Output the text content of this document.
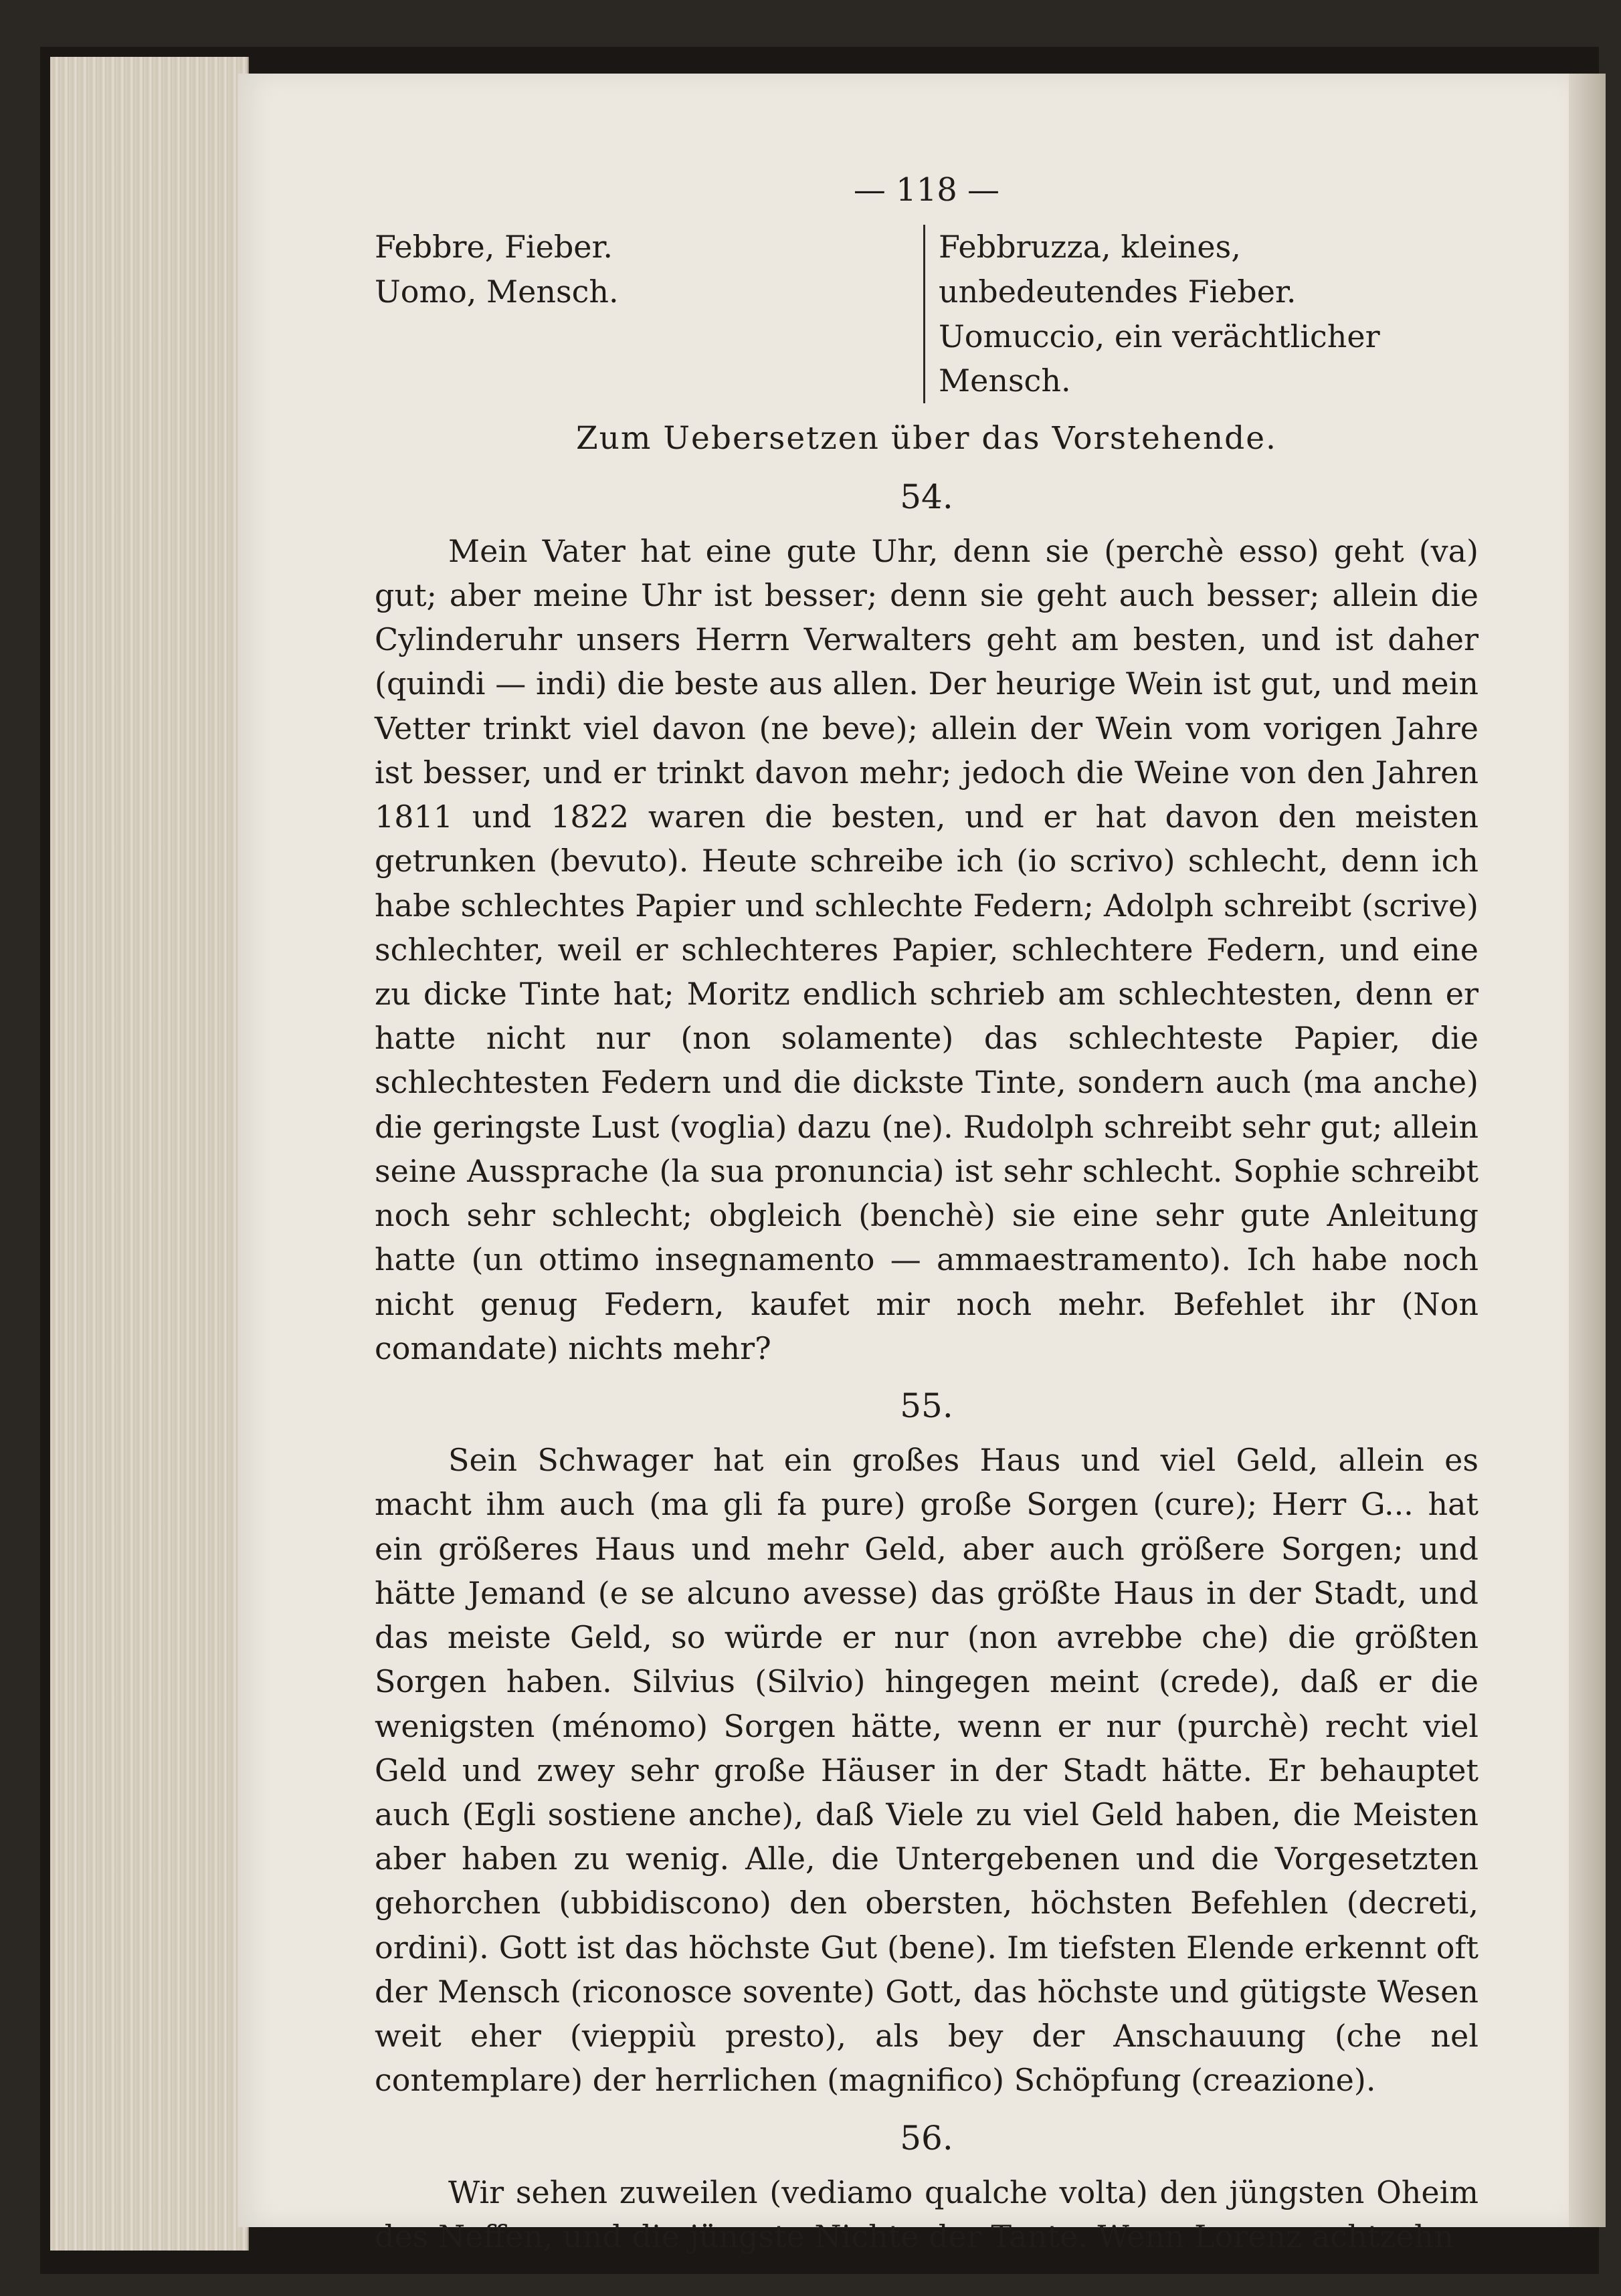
— 118 —
Febbre, Fieber.
Uomo, Mensch.
Febbruzza, kleines, unbedeutendes Fieber.
Uomuccio, ein verächtlicher Mensch.
Zum Uebersetzen über das Vorstehende.
54.

Mein Vater hat eine gute Uhr, denn sie (perchè esso) geht (va) gut; aber meine Uhr ist besser; denn sie geht auch besser; allein die Cylinderuhr unsers Herrn Verwalters geht am besten, und ist daher (quindi — indi) die beste aus allen. Der heurige Wein ist gut, und mein Vetter trinkt viel davon (ne beve); allein der Wein vom vorigen Jahre ist besser, und er trinkt davon mehr; jedoch die Weine von den Jahren 1811 und 1822 waren die besten, und er hat davon den meisten getrunken (bevuto). Heute schreibe ich (io scrivo) schlecht, denn ich habe schlechtes Papier und schlechte Federn; Adolph schreibt (scrive) schlechter, weil er schlechteres Papier, schlechtere Federn, und eine zu dicke Tinte hat; Moritz endlich schrieb am schlechtesten, denn er hatte nicht nur (non solamente) das schlechteste Papier, die schlechtesten Federn und die dickste Tinte, sondern auch (ma anche) die geringste Lust (voglia) dazu (ne). Rudolph schreibt sehr gut; allein seine Aussprache (la sua pronuncia) ist sehr schlecht. Sophie schreibt noch sehr schlecht; obgleich (benchè) sie eine sehr gute Anleitung hatte (un ottimo insegnamento — ammaestramento). Ich habe noch nicht genug Federn, kaufet mir noch mehr. Befehlet ihr (Non comandate) nichts mehr?

55.

Sein Schwager hat ein großes Haus und viel Geld, allein es macht ihm auch (ma gli fa pure) große Sorgen (cure); Herr G... hat ein größeres Haus und mehr Geld, aber auch größere Sorgen; und hätte Jemand (e se alcuno avesse) das größte Haus in der Stadt, und das meiste Geld, so würde er nur (non avrebbe che) die größten Sorgen haben. Silvius (Silvio) hingegen meint (crede), daß er die wenigsten (ménomo) Sorgen hätte, wenn er nur (purchè) recht viel Geld und zwey sehr große Häuser in der Stadt hätte. Er behauptet auch (Egli sostiene anche), daß Viele zu viel Geld haben, die Meisten aber haben zu wenig. Alle, die Untergebenen und die Vorgesetzten gehorchen (ubbidiscono) den obersten, höchsten Befehlen (decreti, ordini). Gott ist das höchste Gut (bene). Im tiefsten Elende erkennt oft der Mensch (riconosce sovente) Gott, das höchste und gütigste Wesen weit eher (vieppiù presto), als bey der Anschauung (che nel contemplare) der herrlichen (magnifico) Schöpfung (creazione).

56.

Wir sehen zuweilen (vediamo qualche volta) den jüngsten Oheim des Neffen, und die jüngste Nichte der Tante. Wenn Lorenz achtzehn
